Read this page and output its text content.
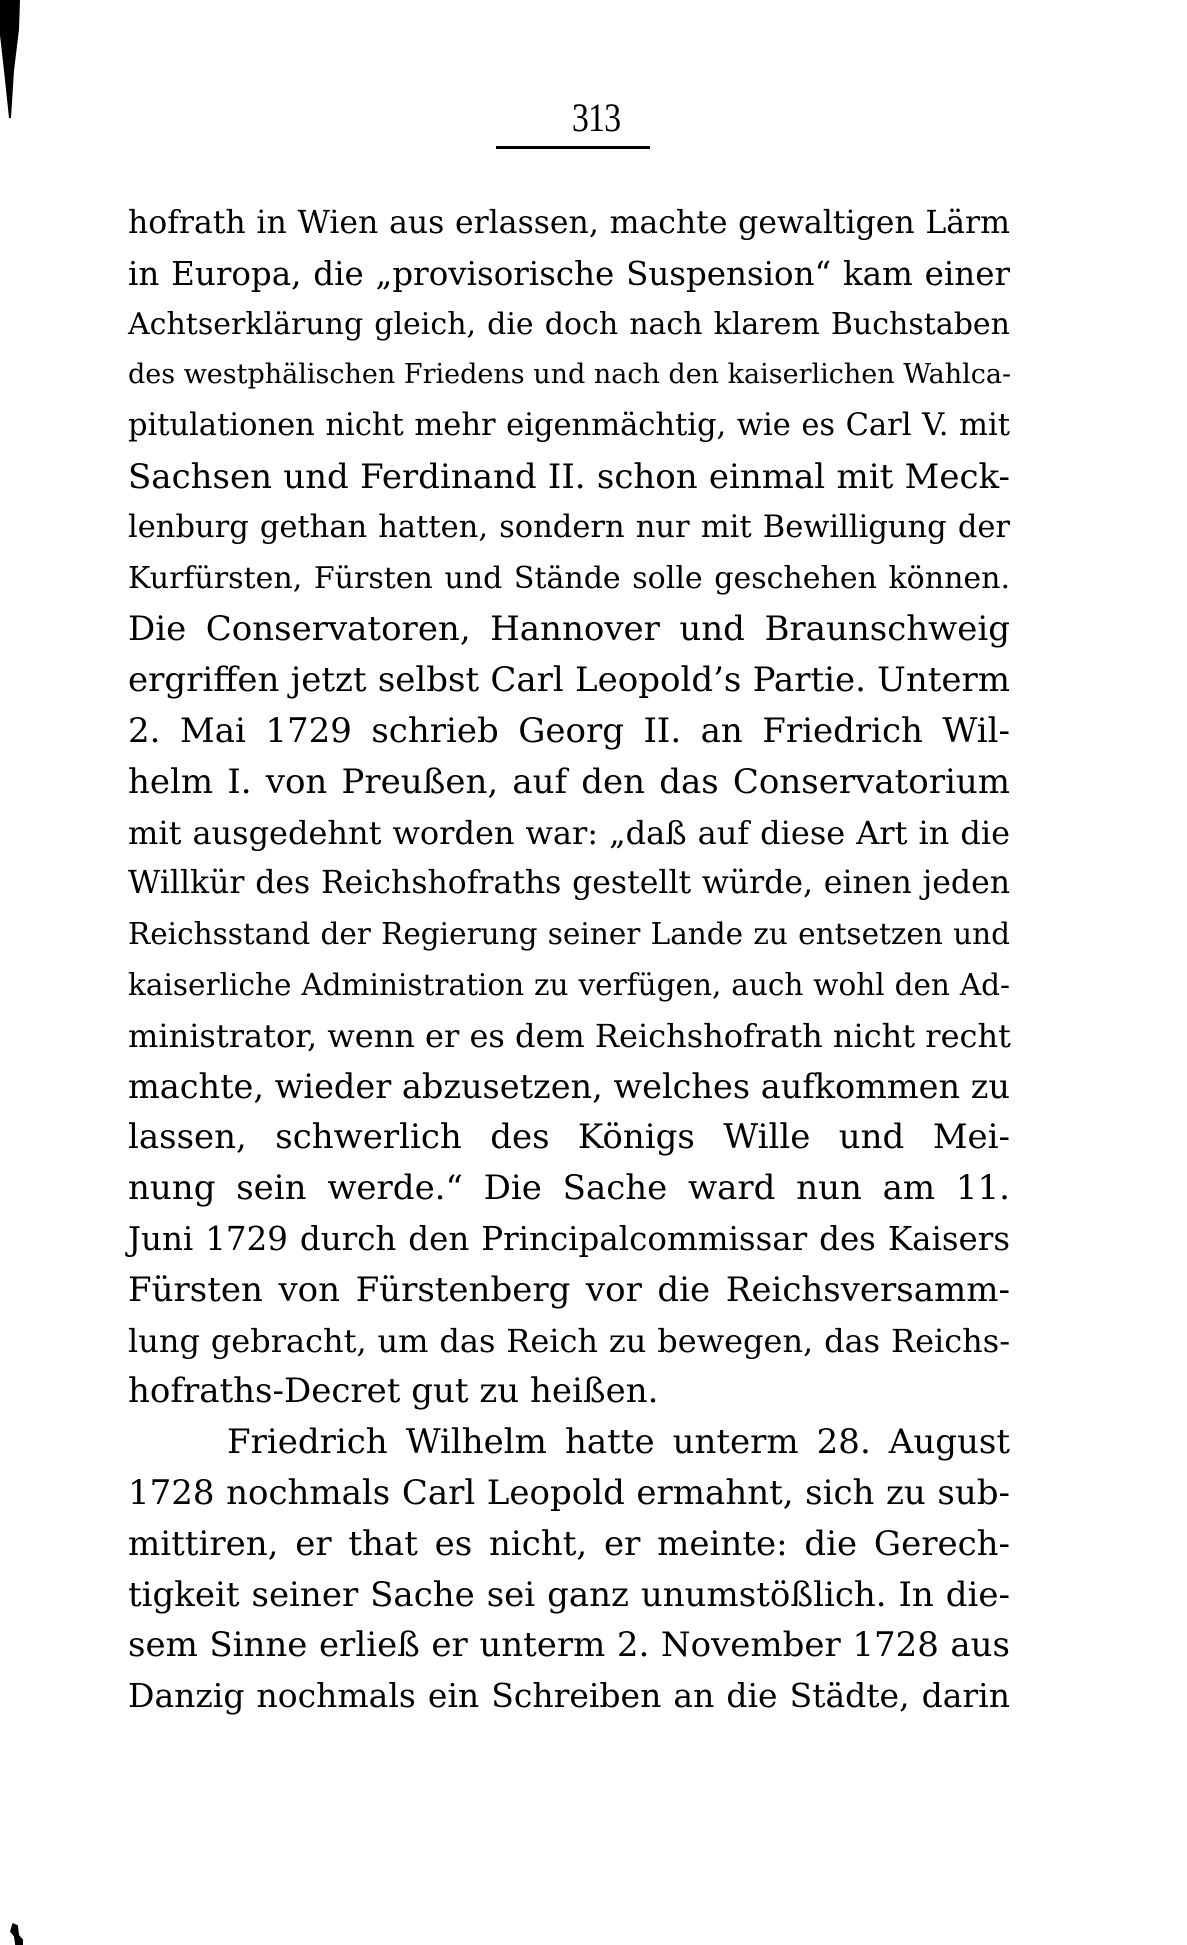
313
hofrath in Wien aus erlassen, machte gewaltigen Lärm
in Europa, die „provisorische Suspension“ kam einer
Achtserklärung gleich, die doch nach klarem Buchstaben
des westphälischen Friedens und nach den kaiserlichen Wahlca-
pitulationen nicht mehr eigenmächtig, wie es Carl V. mit
Sachsen und Ferdinand II. schon einmal mit Meck-
lenburg gethan hatten, sondern nur mit Bewilligung der
Kurfürsten, Fürsten und Stände solle geschehen können.
Die Conservatoren, Hannover und Braunschweig
ergriffen jetzt selbst Carl Leopold’s Partie. Unterm
2. Mai 1729 schrieb Georg II. an Friedrich Wil-
helm I. von Preußen, auf den das Conservatorium
mit ausgedehnt worden war: „daß auf diese Art in die
Willkür des Reichshofraths gestellt würde, einen jeden
Reichsstand der Regierung seiner Lande zu entsetzen und
kaiserliche Administration zu verfügen, auch wohl den Ad-
ministrator, wenn er es dem Reichshofrath nicht recht
machte, wieder abzusetzen, welches aufkommen zu
lassen, schwerlich des Königs Wille und Mei-
nung sein werde.“ Die Sache ward nun am 11.
Juni 1729 durch den Principalcommissar des Kaisers
Fürsten von Fürstenberg vor die Reichsversamm-
lung gebracht, um das Reich zu bewegen, das Reichs-
hofraths-Decret gut zu heißen.
Friedrich Wilhelm hatte unterm 28. August
1728 nochmals Carl Leopold ermahnt, sich zu sub-
mittiren, er that es nicht, er meinte: die Gerech-
tigkeit seiner Sache sei ganz unumstößlich. In die-
sem Sinne erließ er unterm 2. November 1728 aus
Danzig nochmals ein Schreiben an die Städte, darin
